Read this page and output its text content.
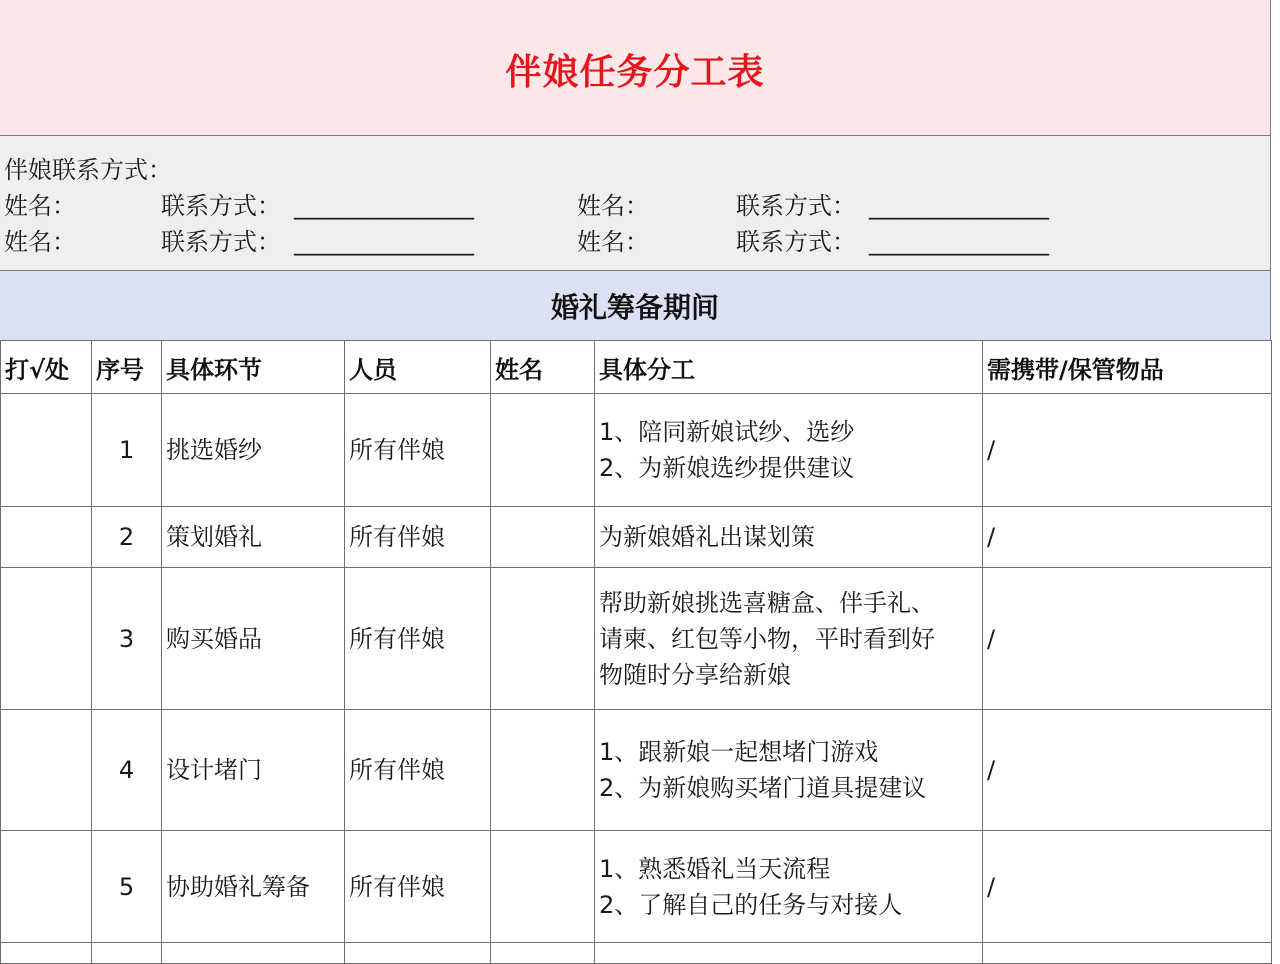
伴娘任务分工表
伴娘联系方式：
姓名：	联系方式： _______________	姓名：	联系方式： _______________
姓名：	联系方式： _______________	姓名：	联系方式： _______________
婚礼筹备期间
打√处	序号	具体环节	人员	姓名	具体分工	需携带/保管物品
	1	挑选婚纱	所有伴娘		1、陪同新娘试纱、选纱
2、为新娘选纱提供建议	/
	2	策划婚礼	所有伴娘		为新娘婚礼出谋划策	/
	3	购买婚品	所有伴娘		帮助新娘挑选喜糖盒、伴手礼、
请柬、红包等小物，平时看到好
物随时分享给新娘	/
	4	设计堵门	所有伴娘		1、跟新娘一起想堵门游戏
2、为新娘购买堵门道具提建议	/
	5	协助婚礼筹备	所有伴娘		1、熟悉婚礼当天流程
2、了解自己的任务与对接人	/
